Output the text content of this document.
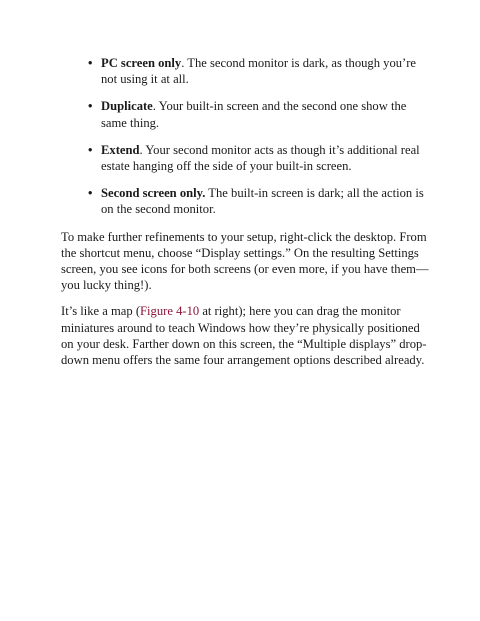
• PC screen only. The second monitor is dark, as though you’re not using it at all.
• Duplicate. Your built-in screen and the second one show the same thing.
• Extend. Your second monitor acts as though it’s additional real estate hanging off the side of your built-in screen.
• Second screen only. The built-in screen is dark; all the action is on the second monitor.

To make further refinements to your setup, right-click the desktop. From the shortcut menu, choose “Display settings.” On the resulting Settings screen, you see icons for both screens (or even more, if you have them—you lucky thing!).

It’s like a map (Figure 4-10 at right); here you can drag the monitor miniatures around to teach Windows how they’re physically positioned on your desk. Farther down on this screen, the “Multiple displays” drop-down menu offers the same four arrangement options described already.
